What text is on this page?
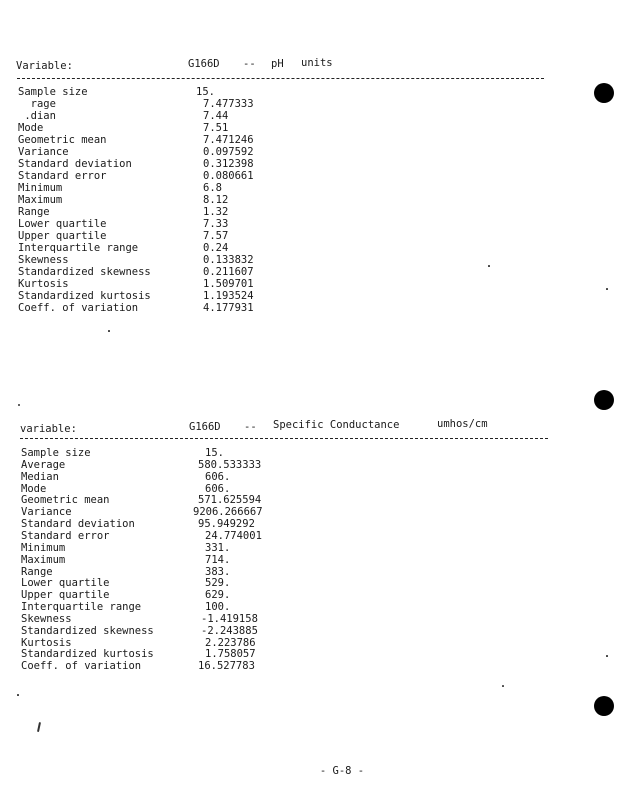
Variable:	G166D -- pH units
Sample size	15.
rage	7.477333
.dian	7.44
Mode	7.51
Geometric mean	7.471246
Variance	0.097592
Standard deviation	0.312398
Standard error	0.080661
Minimum	6.8
Maximum	8.12
Range	1.32
Lower quartile	7.33
Upper quartile	7.57
Interquartile range	0.24
Skewness	0.133832
Standardized skewness	0.211607
Kurtosis	1.509701
Standardized kurtosis	1.193524
Coeff. of variation	4.177931
variable:	G166D -- Specific Conductance	umhos/cm
Sample size	15.
Average	580.533333
Median	606.
Mode	606.
Geometric mean	571.625594
Variance	9206.266667
Standard deviation	95.949292
Standard error	24.774001
Minimum	331.
Maximum	714.
Range	383.
Lower quartile	529.
Upper quartile	629.
Interquartile range	100.
Skewness	-1.419158
Standardized skewness	-2.243885
Kurtosis	2.223786
Standardized kurtosis	1.758057
Coeff. of variation	16.527783
- G-8 -
